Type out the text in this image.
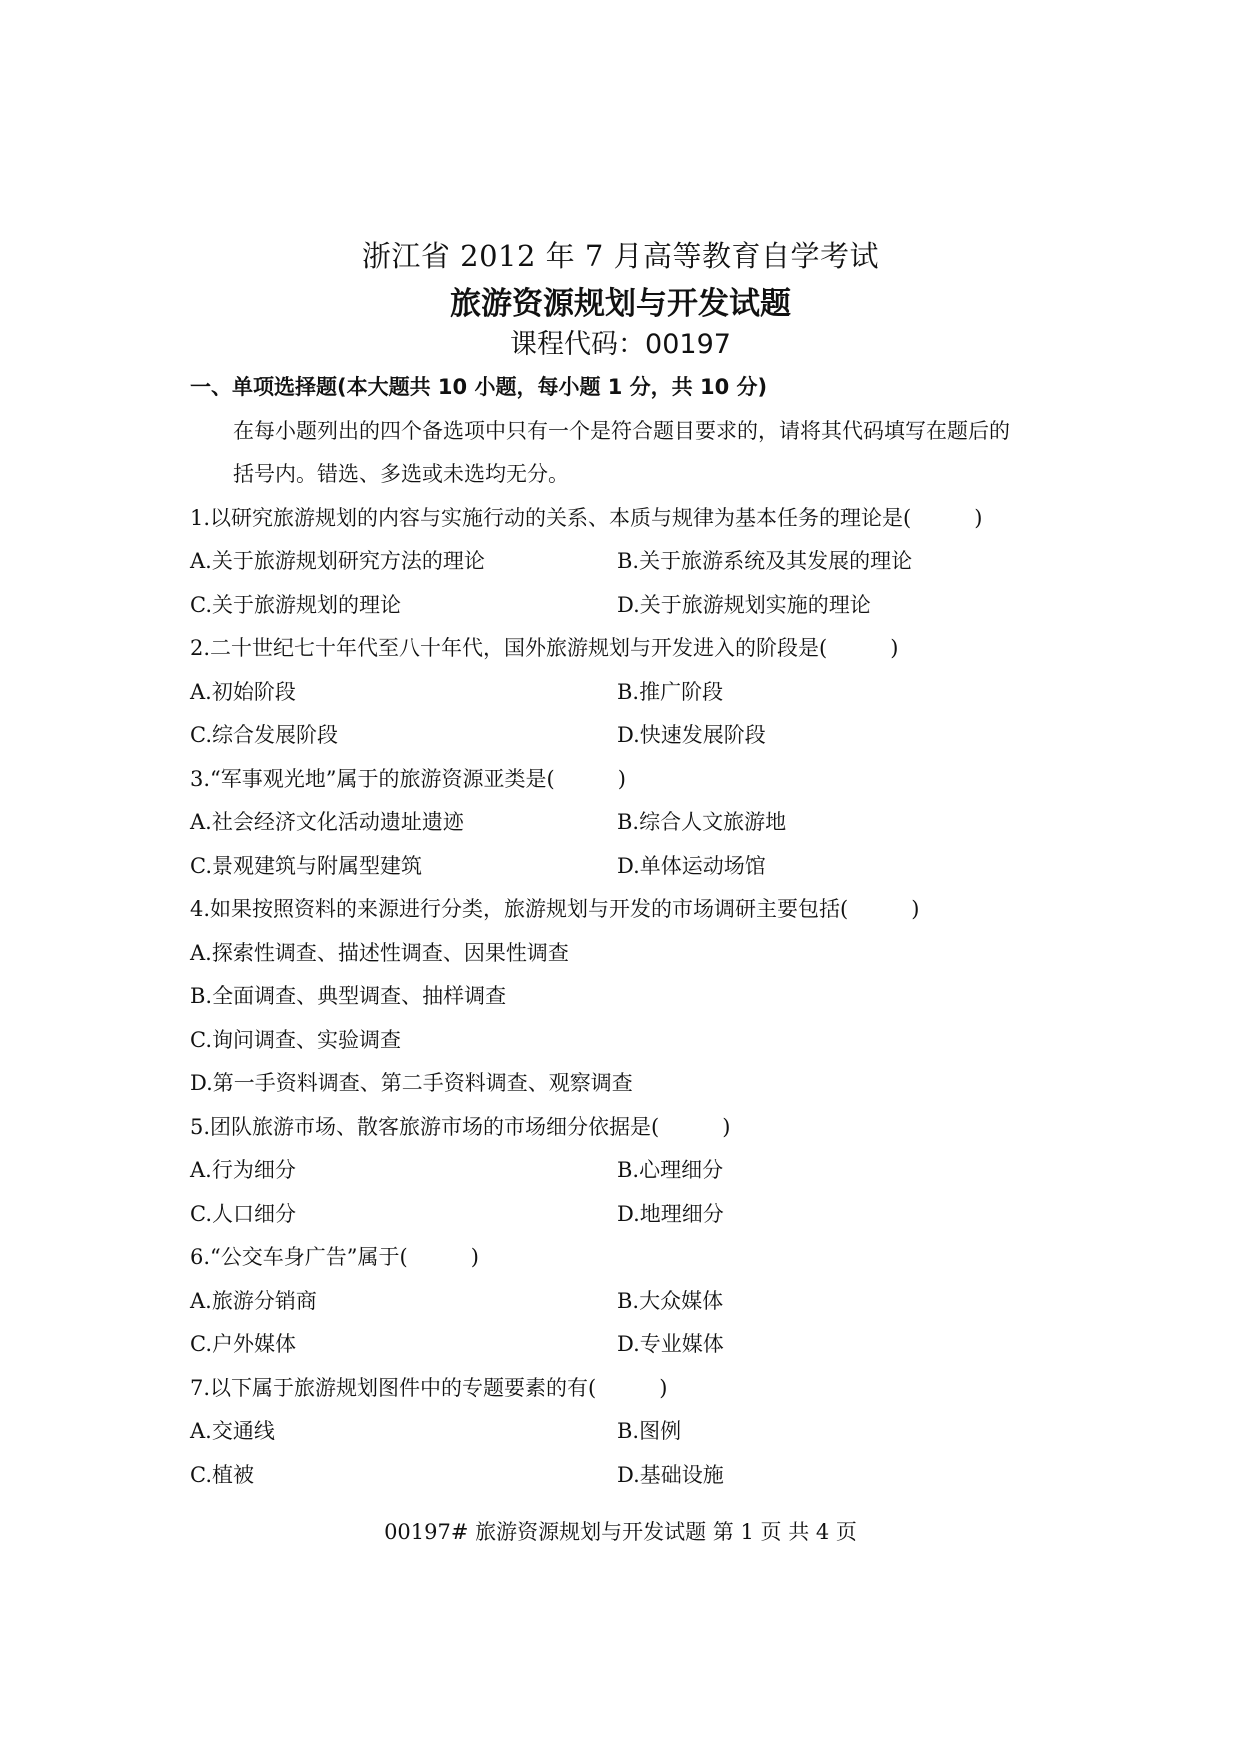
浙江省 2012 年 7 月高等教育自学考试
旅游资源规划与开发试题
课程代码：00197
一、单项选择题(本大题共 10 小题，每小题 1 分，共 10 分)
在每小题列出的四个备选项中只有一个是符合题目要求的，请将其代码填写在题后的
括号内。错选、多选或未选均无分。
1.以研究旅游规划的内容与实施行动的关系、本质与规律为基本任务的理论是(　　　)
A.关于旅游规划研究方法的理论	B.关于旅游系统及其发展的理论
C.关于旅游规划的理论	D.关于旅游规划实施的理论
2.二十世纪七十年代至八十年代，国外旅游规划与开发进入的阶段是(　　　)
A.初始阶段	B.推广阶段
C.综合发展阶段	D.快速发展阶段
3.“军事观光地”属于的旅游资源亚类是(　　　)
A.社会经济文化活动遗址遗迹	B.综合人文旅游地
C.景观建筑与附属型建筑	D.单体运动场馆
4.如果按照资料的来源进行分类，旅游规划与开发的市场调研主要包括(　　　)
A.探索性调查、描述性调查、因果性调查
B.全面调查、典型调查、抽样调查
C.询问调查、实验调查
D.第一手资料调查、第二手资料调查、观察调查
5.团队旅游市场、散客旅游市场的市场细分依据是(　　　)
A.行为细分	B.心理细分
C.人口细分	D.地理细分
6.“公交车身广告”属于(　　　)
A.旅游分销商	B.大众媒体
C.户外媒体	D.专业媒体
7.以下属于旅游规划图件中的专题要素的有(　　　)
A.交通线	B.图例
C.植被	D.基础设施
00197# 旅游资源规划与开发试题 第 1 页 共 4 页
